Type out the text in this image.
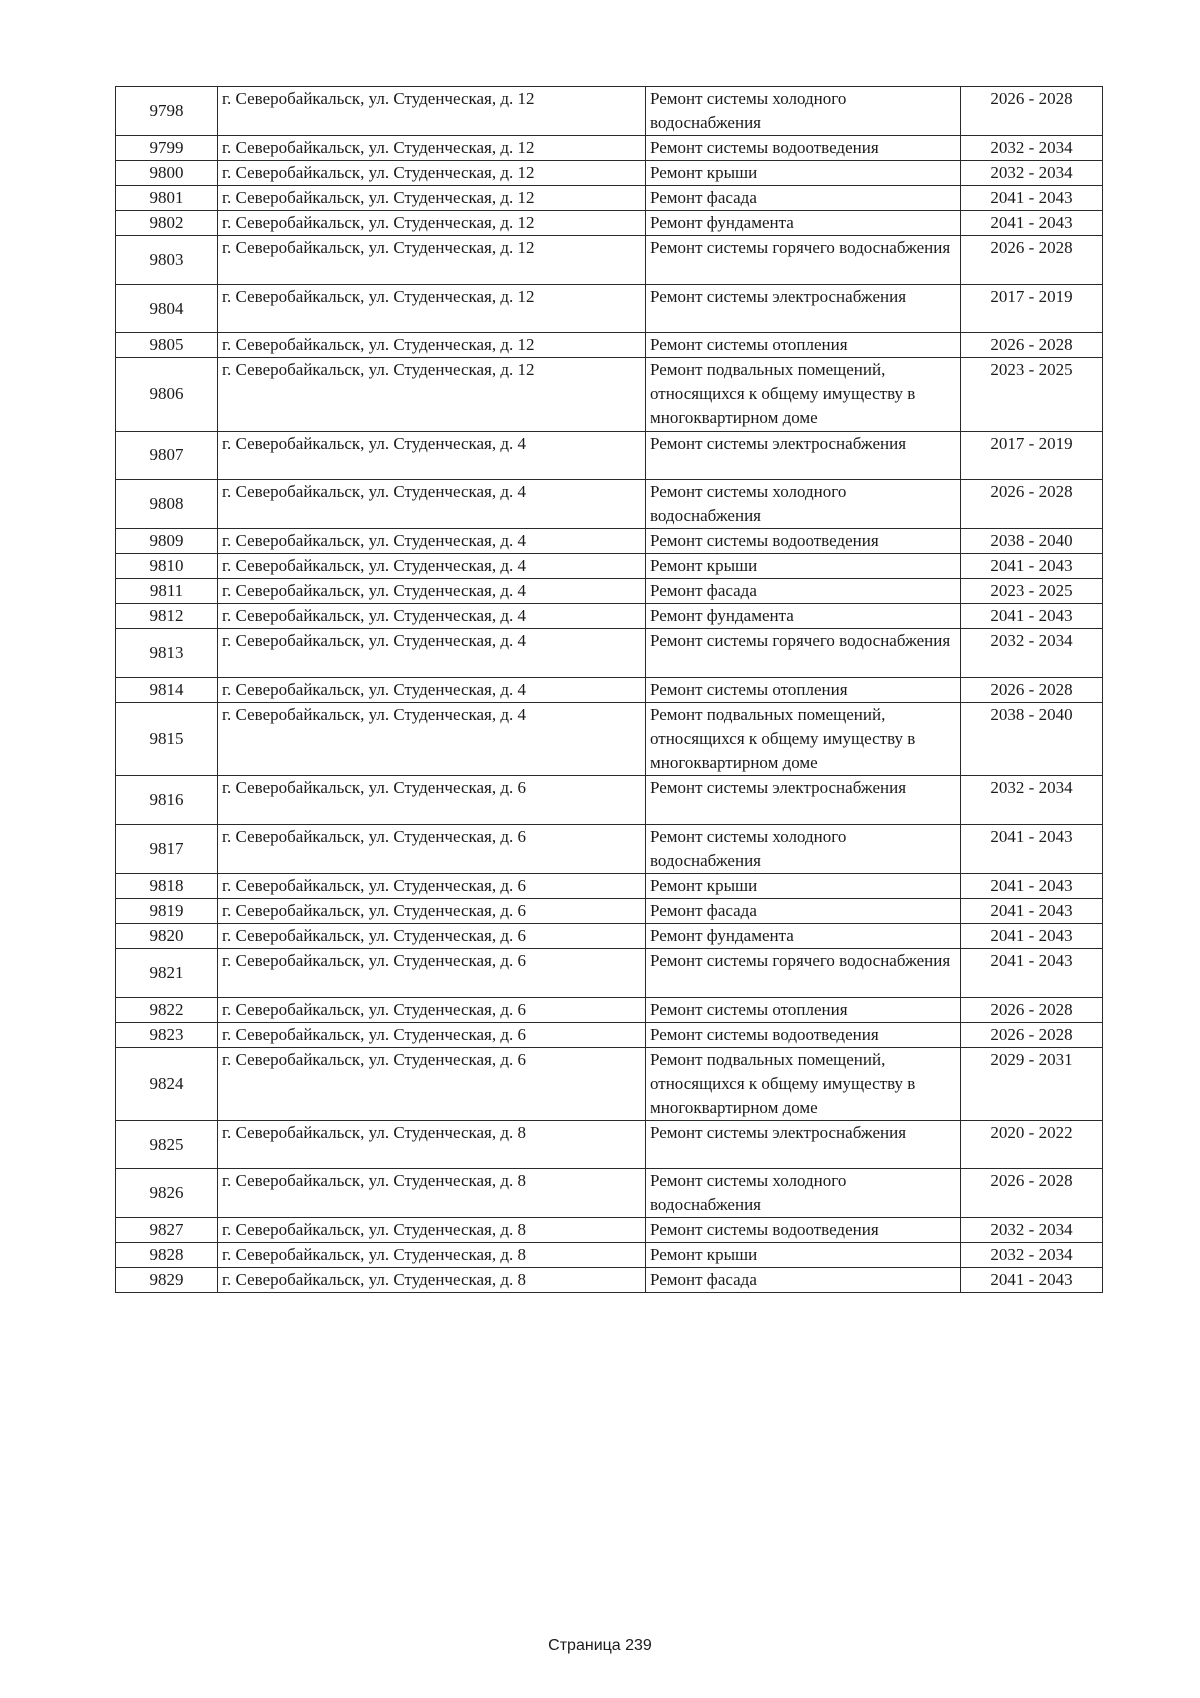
9798	г. Северобайкальск, ул. Студенческая, д. 12	Ремонт системы холодного водоснабжения	2026 - 2028
9799	г. Северобайкальск, ул. Студенческая, д. 12	Ремонт системы водоотведения	2032 - 2034
9800	г. Северобайкальск, ул. Студенческая, д. 12	Ремонт крыши	2032 - 2034
9801	г. Северобайкальск, ул. Студенческая, д. 12	Ремонт фасада	2041 - 2043
9802	г. Северобайкальск, ул. Студенческая, д. 12	Ремонт фундамента	2041 - 2043
9803	г. Северобайкальск, ул. Студенческая, д. 12	Ремонт системы горячего водоснабжения	2026 - 2028
9804	г. Северобайкальск, ул. Студенческая, д. 12	Ремонт системы электроснабжения	2017 - 2019
9805	г. Северобайкальск, ул. Студенческая, д. 12	Ремонт системы отопления	2026 - 2028
9806	г. Северобайкальск, ул. Студенческая, д. 12	Ремонт подвальных помещений, относящихся к общему имуществу в многоквартирном доме	2023 - 2025
9807	г. Северобайкальск, ул. Студенческая, д. 4	Ремонт системы электроснабжения	2017 - 2019
9808	г. Северобайкальск, ул. Студенческая, д. 4	Ремонт системы холодного водоснабжения	2026 - 2028
9809	г. Северобайкальск, ул. Студенческая, д. 4	Ремонт системы водоотведения	2038 - 2040
9810	г. Северобайкальск, ул. Студенческая, д. 4	Ремонт крыши	2041 - 2043
9811	г. Северобайкальск, ул. Студенческая, д. 4	Ремонт фасада	2023 - 2025
9812	г. Северобайкальск, ул. Студенческая, д. 4	Ремонт фундамента	2041 - 2043
9813	г. Северобайкальск, ул. Студенческая, д. 4	Ремонт системы горячего водоснабжения	2032 - 2034
9814	г. Северобайкальск, ул. Студенческая, д. 4	Ремонт системы отопления	2026 - 2028
9815	г. Северобайкальск, ул. Студенческая, д. 4	Ремонт подвальных помещений, относящихся к общему имуществу в многоквартирном доме	2038 - 2040
9816	г. Северобайкальск, ул. Студенческая, д. 6	Ремонт системы электроснабжения	2032 - 2034
9817	г. Северобайкальск, ул. Студенческая, д. 6	Ремонт системы холодного водоснабжения	2041 - 2043
9818	г. Северобайкальск, ул. Студенческая, д. 6	Ремонт крыши	2041 - 2043
9819	г. Северобайкальск, ул. Студенческая, д. 6	Ремонт фасада	2041 - 2043
9820	г. Северобайкальск, ул. Студенческая, д. 6	Ремонт фундамента	2041 - 2043
9821	г. Северобайкальск, ул. Студенческая, д. 6	Ремонт системы горячего водоснабжения	2041 - 2043
9822	г. Северобайкальск, ул. Студенческая, д. 6	Ремонт системы отопления	2026 - 2028
9823	г. Северобайкальск, ул. Студенческая, д. 6	Ремонт системы водоотведения	2026 - 2028
9824	г. Северобайкальск, ул. Студенческая, д. 6	Ремонт подвальных помещений, относящихся к общему имуществу в многоквартирном доме	2029 - 2031
9825	г. Северобайкальск, ул. Студенческая, д. 8	Ремонт системы электроснабжения	2020 - 2022
9826	г. Северобайкальск, ул. Студенческая, д. 8	Ремонт системы холодного водоснабжения	2026 - 2028
9827	г. Северобайкальск, ул. Студенческая, д. 8	Ремонт системы водоотведения	2032 - 2034
9828	г. Северобайкальск, ул. Студенческая, д. 8	Ремонт крыши	2032 - 2034
9829	г. Северобайкальск, ул. Студенческая, д. 8	Ремонт фасада	2041 - 2043
Страница 239
